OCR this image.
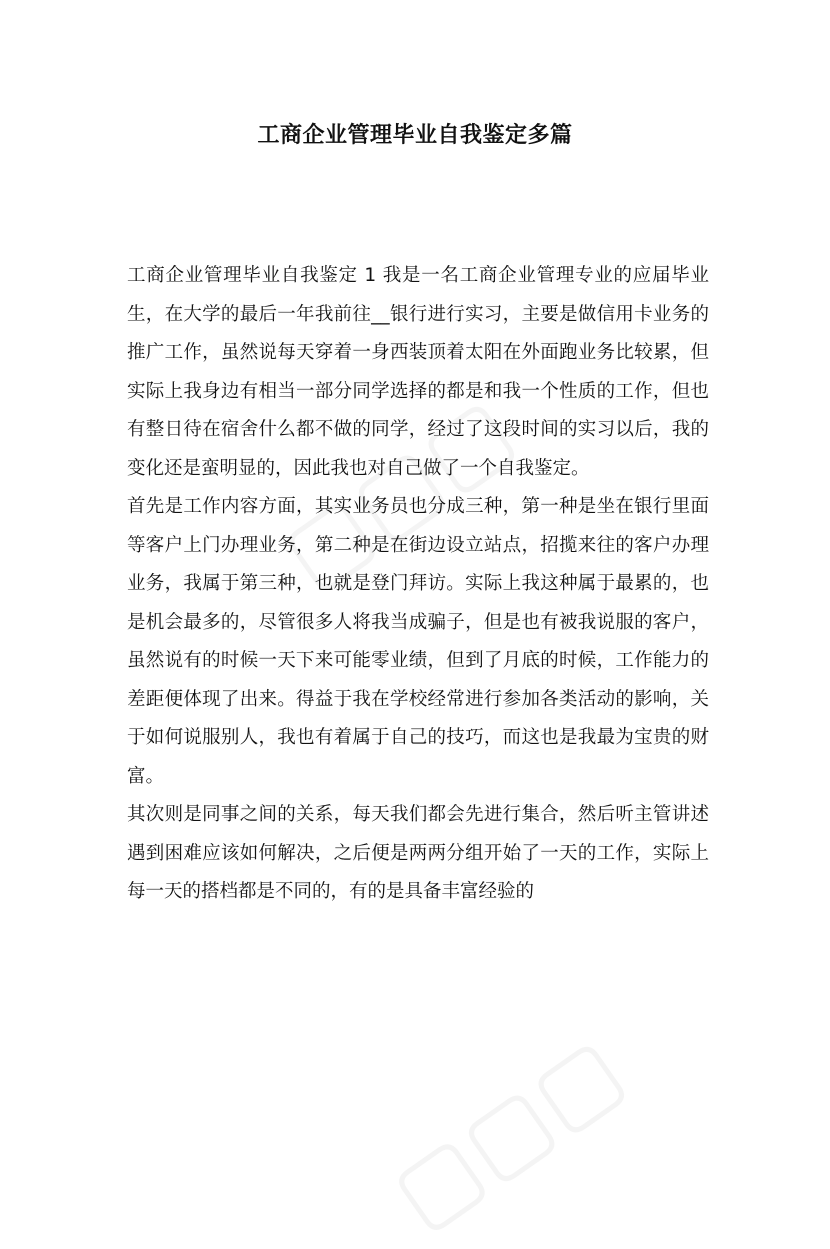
工商企业管理毕业自我鉴定多篇

工商企业管理毕业自我鉴定 1 我是一名工商企业管理专业的应届毕业生，在大学的最后一年我前往__银行进行实习，主要是做信用卡业务的推广工作，虽然说每天穿着一身西装顶着太阳在外面跑业务比较累，但实际上我身边有相当一部分同学选择的都是和我一个性质的工作，但也有整日待在宿舍什么都不做的同学，经过了这段时间的实习以后，我的变化还是蛮明显的，因此我也对自己做了一个自我鉴定。

首先是工作内容方面，其实业务员也分成三种，第一种是坐在银行里面等客户上门办理业务，第二种是在街边设立站点，招揽来往的客户办理业务，我属于第三种，也就是登门拜访。实际上我这种属于最累的，也是机会最多的，尽管很多人将我当成骗子，但是也有被我说服的客户，虽然说有的时候一天下来可能零业绩，但到了月底的时候，工作能力的差距便体现了出来。得益于我在学校经常进行参加各类活动的影响，关于如何说服别人，我也有着属于自己的技巧，而这也是我最为宝贵的财富。

其次则是同事之间的关系，每天我们都会先进行集合，然后听主管讲述遇到困难应该如何解决，之后便是两两分组开始了一天的工作，实际上每一天的搭档都是不同的，有的是具备丰富经验的
